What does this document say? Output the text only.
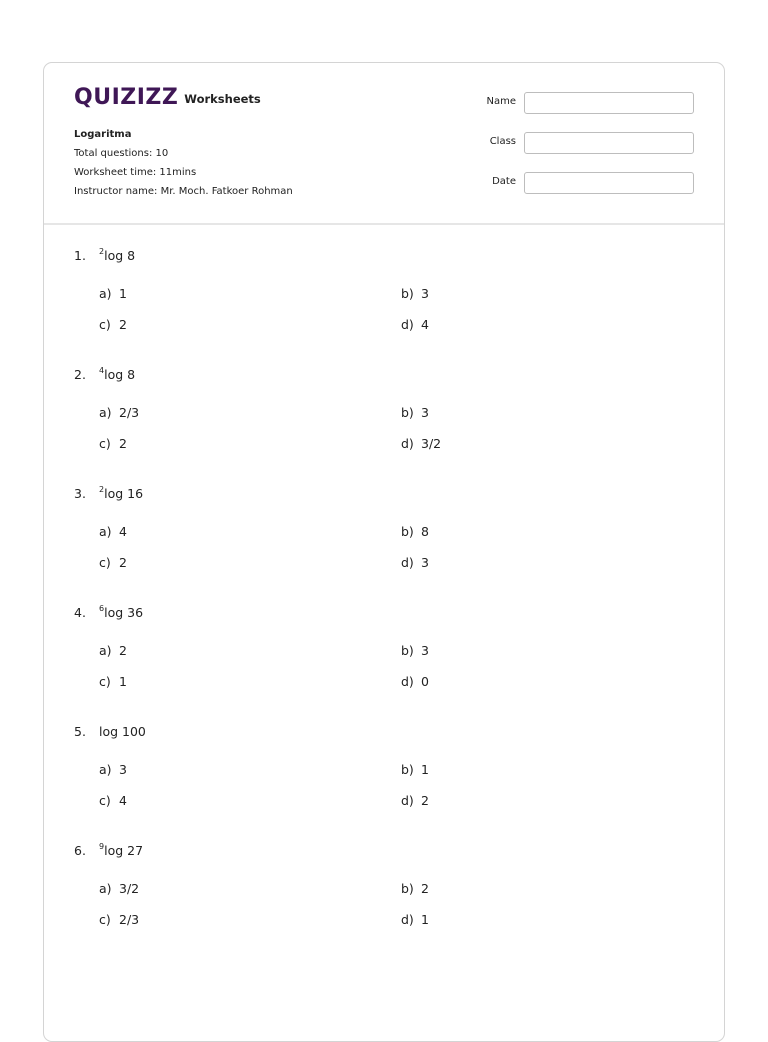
QUIZIZZ Worksheets
Logaritma
Total questions: 10
Worksheet time: 11mins
Instructor name: Mr. Moch. Fatkoer Rohman
Name
Class
Date
1.	$^2$log 8
a) 1	b) 3
c) 2	d) 4
2.	$^4$log 8
a) 2/3	b) 3
c) 2	d) 3/2
3.	$^2$log 16
a) 4	b) 8
c) 2	d) 3
4.	$^6$log 36
a) 2	b) 3
c) 1	d) 0
5.	log 100
a) 3	b) 1
c) 4	d) 2
6.	$^9$log 27
a) 3/2	b) 2
c) 2/3	d) 1
